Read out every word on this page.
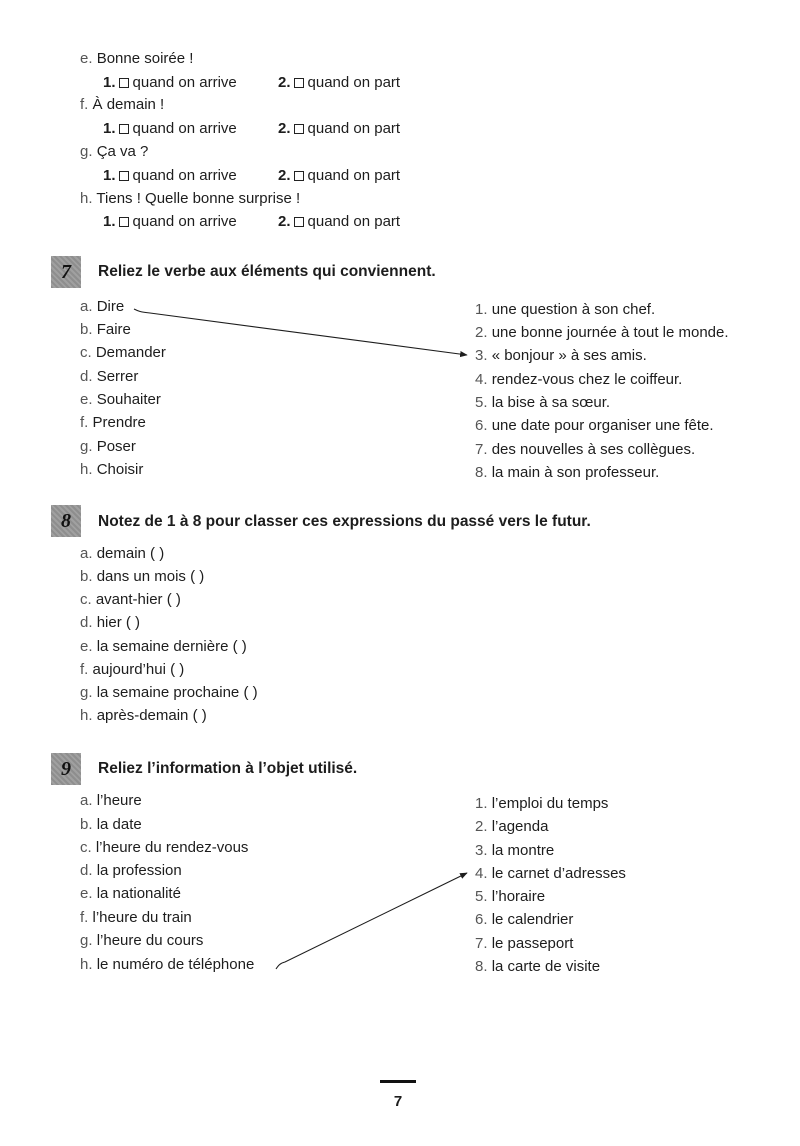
e. Bonne soirée !
1. quand on arrive	2. quand on part
f. À demain !
1. quand on arrive	2. quand on part
g. Ça va ?
1. quand on arrive	2. quand on part
h. Tiens ! Quelle bonne surprise !
1. quand on arrive	2. quand on part
7	Reliez le verbe aux éléments qui conviennent.
a. Dire
b. Faire
c. Demander
d. Serrer
e. Souhaiter
f. Prendre
g. Poser
h. Choisir
1. une question à son chef.
2. une bonne journée à tout le monde.
3. « bonjour » à ses amis.
4. rendez-vous chez le coiffeur.
5. la bise à sa sœur.
6. une date pour organiser une fête.
7. des nouvelles à ses collègues.
8. la main à son professeur.
8	Notez de 1 à 8 pour classer ces expressions du passé vers le futur.
a. demain ( )
b. dans un mois ( )
c. avant-hier ( )
d. hier ( )
e. la semaine dernière ( )
f. aujourd’hui ( )
g. la semaine prochaine ( )
h. après-demain ( )
9	Reliez l’information à l’objet utilisé.
a. l’heure
b. la date
c. l’heure du rendez-vous
d. la profession
e. la nationalité
f. l’heure du train
g. l’heure du cours
h. le numéro de téléphone
1. l’emploi du temps
2. l’agenda
3. la montre
4. le carnet d’adresses
5. l’horaire
6. le calendrier
7. le passeport
8. la carte de visite
7
